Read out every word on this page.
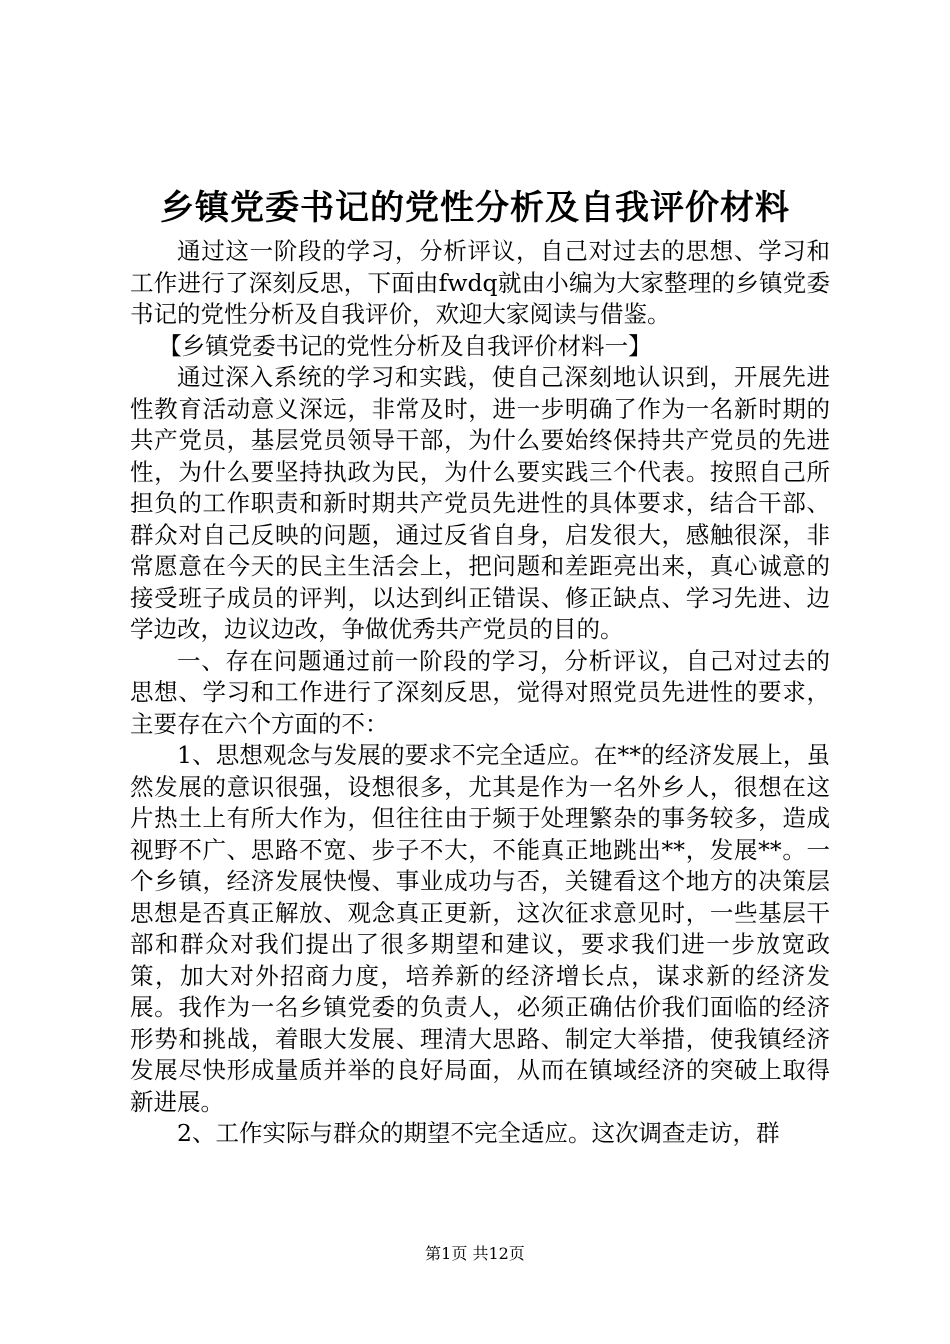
乡镇党委书记的党性分析及自我评价材料

通过这一阶段的学习，分析评议，自己对过去的思想、学习和工作进行了深刻反思，下面由fwdq就由小编为大家整理的乡镇党委书记的党性分析及自我评价，欢迎大家阅读与借鉴。

【乡镇党委书记的党性分析及自我评价材料一】

通过深入系统的学习和实践，使自己深刻地认识到，开展先进性教育活动意义深远，非常及时，进一步明确了作为一名新时期的共产党员，基层党员领导干部，为什么要始终保持共产党员的先进性，为什么要坚持执政为民，为什么要实践三个代表。按照自己所担负的工作职责和新时期共产党员先进性的具体要求，结合干部、群众对自己反映的问题，通过反省自身，启发很大，感触很深，非常愿意在今天的民主生活会上，把问题和差距亮出来，真心诚意的接受班子成员的评判，以达到纠正错误、修正缺点、学习先进、边学边改，边议边改，争做优秀共产党员的目的。

一、存在问题通过前一阶段的学习，分析评议，自己对过去的思想、学习和工作进行了深刻反思，觉得对照党员先进性的要求，主要存在六个方面的不：

1、思想观念与发展的要求不完全适应。在**的经济发展上，虽然发展的意识很强，设想很多，尤其是作为一名外乡人，很想在这片热土上有所大作为，但往往由于频于处理繁杂的事务较多，造成视野不广、思路不宽、步子不大，不能真正地跳出**，发展**。一个乡镇，经济发展快慢、事业成功与否，关键看这个地方的决策层思想是否真正解放、观念真正更新，这次征求意见时，一些基层干部和群众对我们提出了很多期望和建议，要求我们进一步放宽政策，加大对外招商力度，培养新的经济增长点，谋求新的经济发展。我作为一名乡镇党委的负责人，必须正确估价我们面临的经济形势和挑战，着眼大发展、理清大思路、制定大举措，使我镇经济发展尽快形成量质并举的良好局面，从而在镇域经济的突破上取得新进展。

2、工作实际与群众的期望不完全适应。这次调查走访，群

第1页 共12页
